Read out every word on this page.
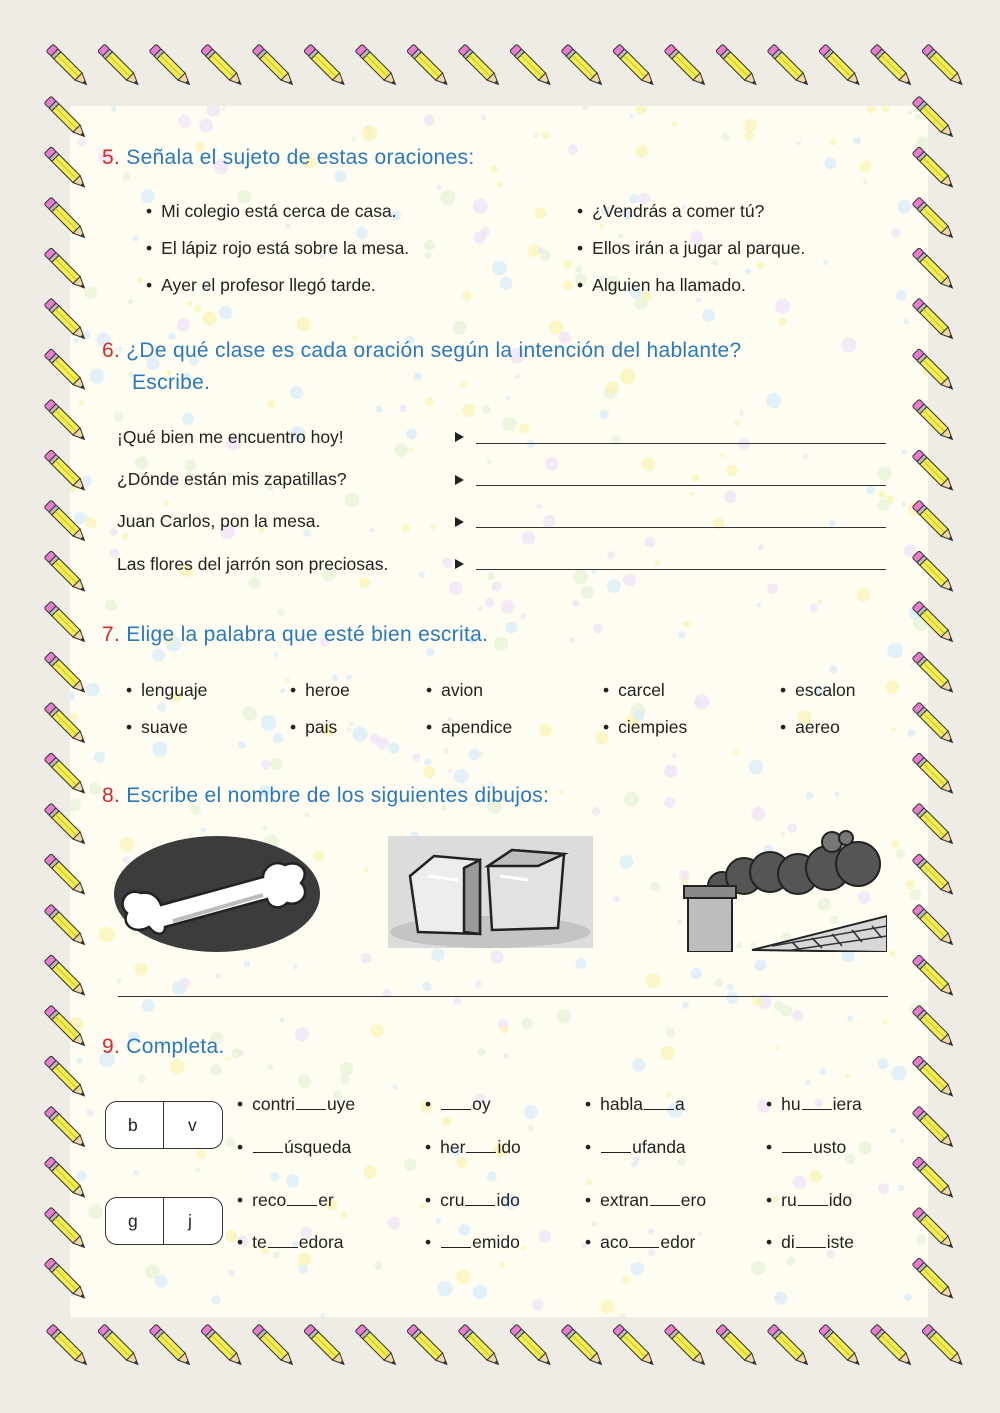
5. Señala el sujeto de estas oraciones:
• Mi colegio está cerca de casa.
• El lápiz rojo está sobre la mesa.
• Ayer el profesor llegó tarde.
• ¿Vendrás a comer tú?
• Ellos irán a jugar al parque.
• Alguien ha llamado.
6. ¿De qué clase es cada oración según la intención del hablante?
Escribe.
¡Qué bien me encuentro hoy!
¿Dónde están mis zapatillas?
Juan Carlos, pon la mesa.
Las flores del jarrón son preciosas.
7. Elige la palabra que esté bien escrita.
• lenguaje	• heroe	• avion	• carcel	• escalon
• suave	• pais	• apendice	• ciempies	• aereo
8. Escribe el nombre de los siguientes dibujos:
9. Completa.
b	v
g	j
• contri uye	• oy	• habla a	• hu iera
• úsqueda	• her ido	• ufanda	• usto
• reco er	• cru ido	• extran ero	• ru ido
• te edora	• emido	• aco edor	• di iste
